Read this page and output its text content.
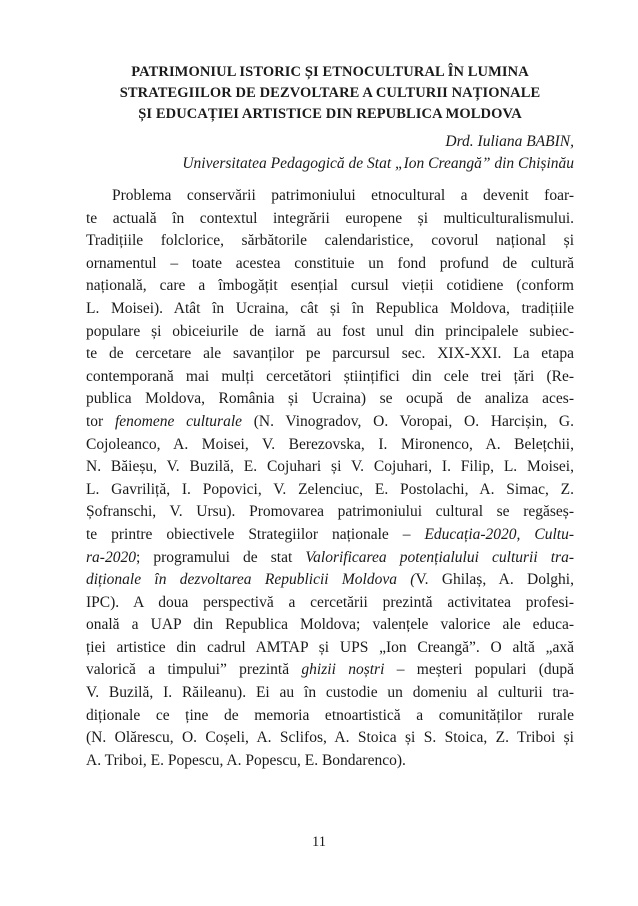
PATRIMONIUL ISTORIC ȘI ETNOCULTURAL ÎN LUMINA
STRATEGIILOR DE DEZVOLTARE A CULTURII NAȚIONALE
ȘI EDUCAȚIEI ARTISTICE DIN REPUBLICA MOLDOVA
Drd. Iuliana BABIN,
Universitatea Pedagogică de Stat „Ion Creangă” din Chișinău
Problema conservării patrimoniului etnocultural a devenit foar-
te actuală în contextul integrării europene și multiculturalismului.
Tradițiile folclorice, sărbătorile calendaristice, covorul național și
ornamentul – toate acestea constituie un fond profund de cultură
națională, care a îmbogățit esențial cursul vieții cotidiene (conform
L. Moisei). Atât în Ucraina, cât și în Republica Moldova, tradițiile
populare și obiceiurile de iarnă au fost unul din principalele subiec-
te de cercetare ale savanților pe parcursul sec. XIX-XXI. La etapa
contemporană mai mulți cercetători științifici din cele trei țări (Re-
publica Moldova, România și Ucraina) se ocupă de analiza aces-
tor fenomene culturale (N. Vinogradov, O. Voropai, O. Harcișin, G.
Cojoleanco, A. Moisei, V. Berezovska, I. Mironenco, A. Belețchii,
N. Băieșu, V. Buzilă, E. Cojuhari și V. Cojuhari, I. Filip, L. Moisei,
L. Gavriliță, I. Popovici, V. Zelenciuc, E. Postolachi, A. Simac, Z.
Șofranschi, V. Ursu). Promovarea patrimoniului cultural se regăseș-
te printre obiectivele Strategiilor naționale – Educația-2020, Cultu-
ra-2020; programului de stat Valorificarea potențialului culturii tra-
diționale în dezvoltarea Republicii Moldova (V. Ghilaș, A. Dolghi,
IPC). A doua perspectivă a cercetării prezintă activitatea profesi-
onală a UAP din Republica Moldova; valențele valorice ale educa-
ției artistice din cadrul AMTAP și UPS „Ion Creangă”. O altă „axă
valorică a timpului” prezintă ghizii noștri – meșteri populari (după
V. Buzilă, I. Răileanu). Ei au în custodie un domeniu al culturii tra-
diționale ce ține de memoria etnoartistică a comunităților rurale
(N. Olărescu, O. Coșeli, A. Sclifos, A. Stoica și S. Stoica, Z. Triboi și
A. Triboi, E. Popescu, A. Popescu, E. Bondarenco).
11
